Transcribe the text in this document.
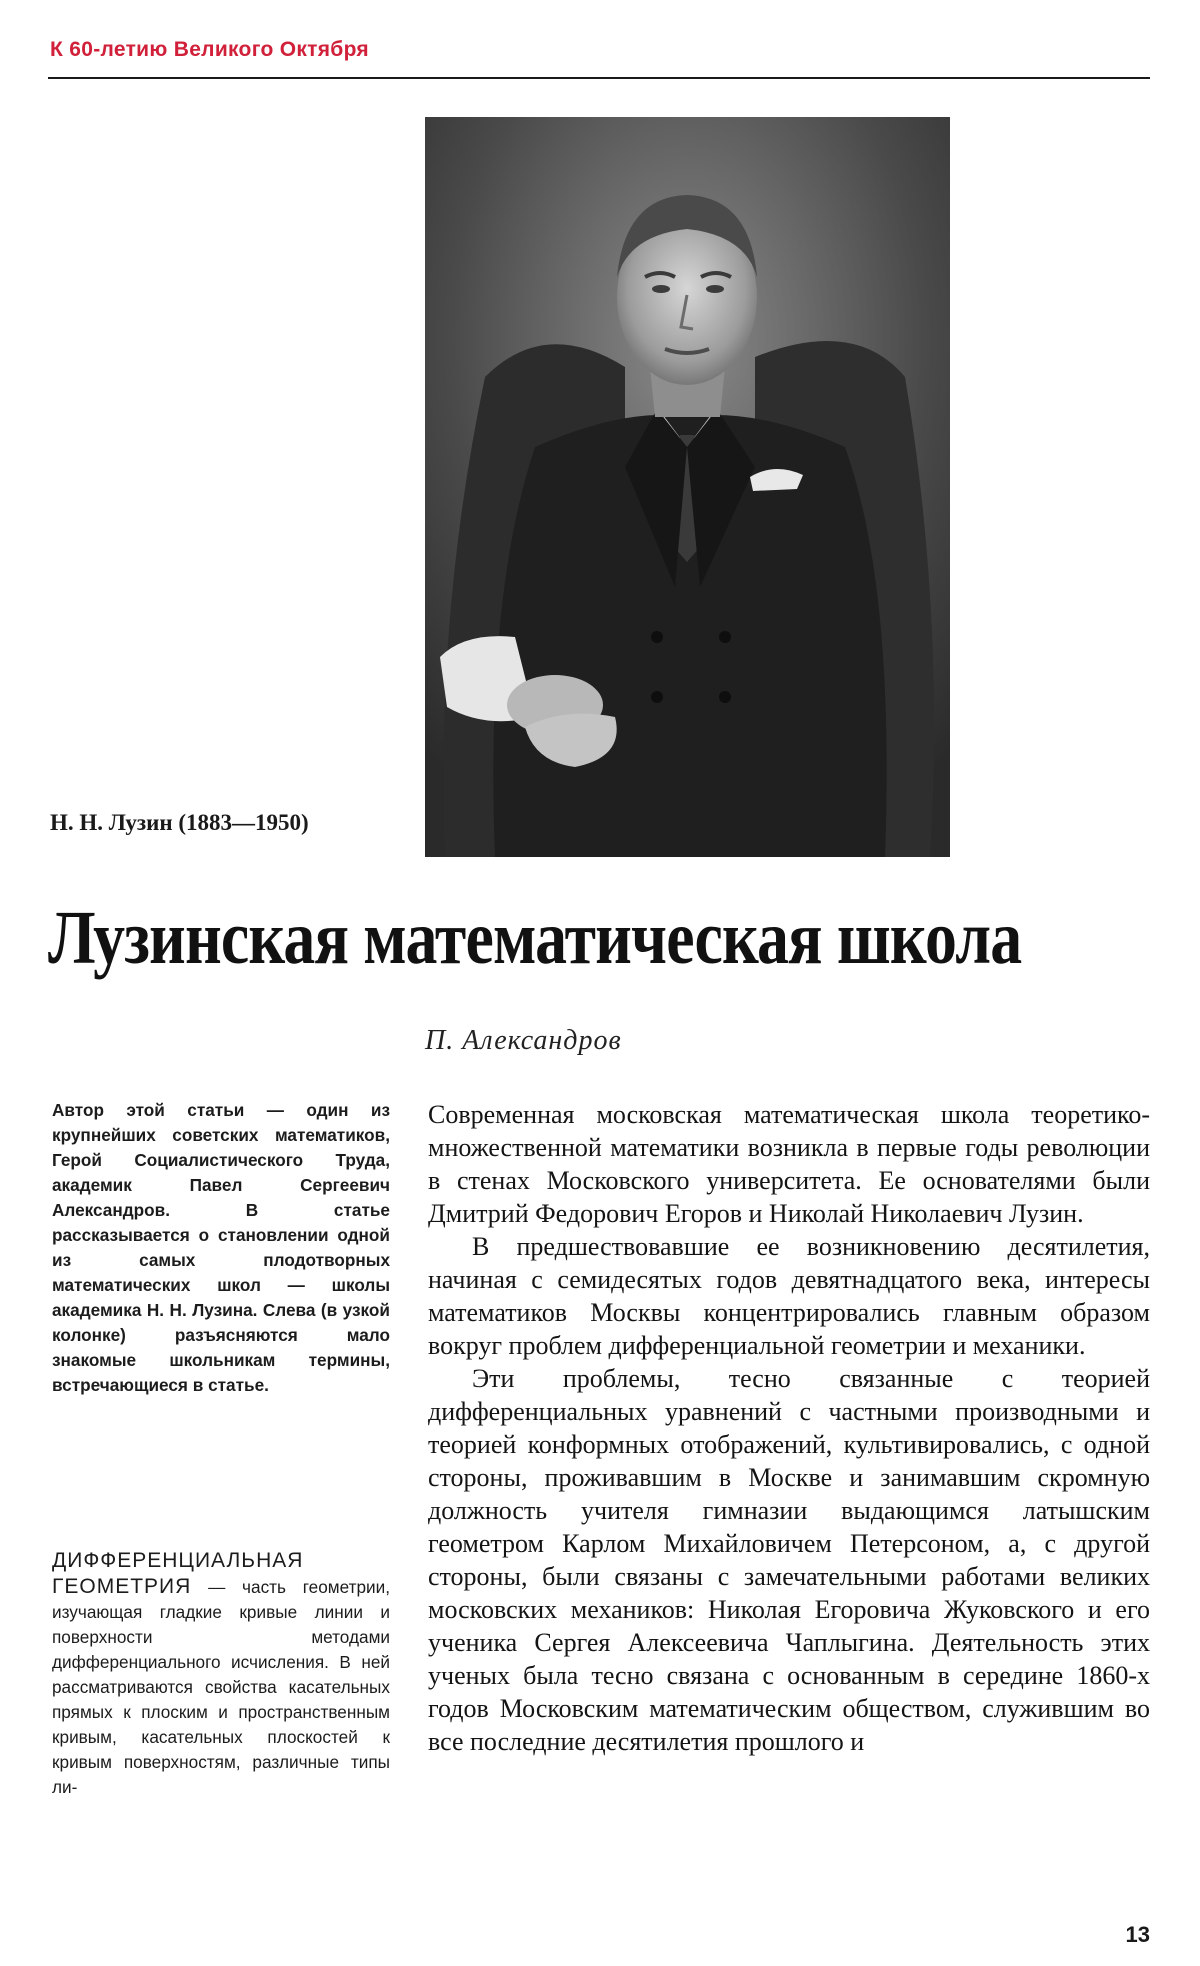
К 60-летию Великого Октября
Н. Н. Лузин (1883—1950)
Лузинская математическая школа
П. Александров
Автор этой статьи — один из крупнейших советских математиков, Герой Социалистического Труда, академик Павел Сергеевич Александров. В статье рассказывается о становлении одной из самых плодотворных математических школ — школы академика Н. Н. Лузина. Слева (в узкой колонке) разъясняются мало знакомые школьникам термины, встречающиеся в статье.
ДИФФЕРЕНЦИАЛЬНАЯ ГЕОМЕТРИЯ — часть геометрии, изучающая гладкие кривые линии и поверхности методами дифференциального исчисления. В ней рассматриваются свойства касательных прямых к плоским и пространственным кривым, касательных плоскостей к кривым поверхностям, различные типы ли-

Современная московская математическая школа теоретико-множественной математики возникла в первые годы революции в стенах Московского университета. Ее основателями были Дмитрий Федорович Егоров и Николай Николаевич Лузин.

В предшествовавшие ее возникновению десятилетия, начиная с семидесятых годов девятнадцатого века, интересы математиков Москвы концентрировались главным образом вокруг проблем дифференциальной геометрии и механики.

Эти проблемы, тесно связанные с теорией дифференциальных уравнений с частными производными и теорией конформных отображений, культивировались, с одной стороны, проживавшим в Москве и занимавшим скромную должность учителя гимназии выдающимся латышским геометром Карлом Михайловичем Петерсоном, а, с другой стороны, были связаны с замечательными работами великих московских механиков: Николая Егоровича Жуковского и его ученика Сергея Алексеевича Чаплыгина. Деятельность этих ученых была тесно связана с основанным в середине 1860-х годов Московским математическим обществом, служившим во все последние десятилетия прошлого и

13
